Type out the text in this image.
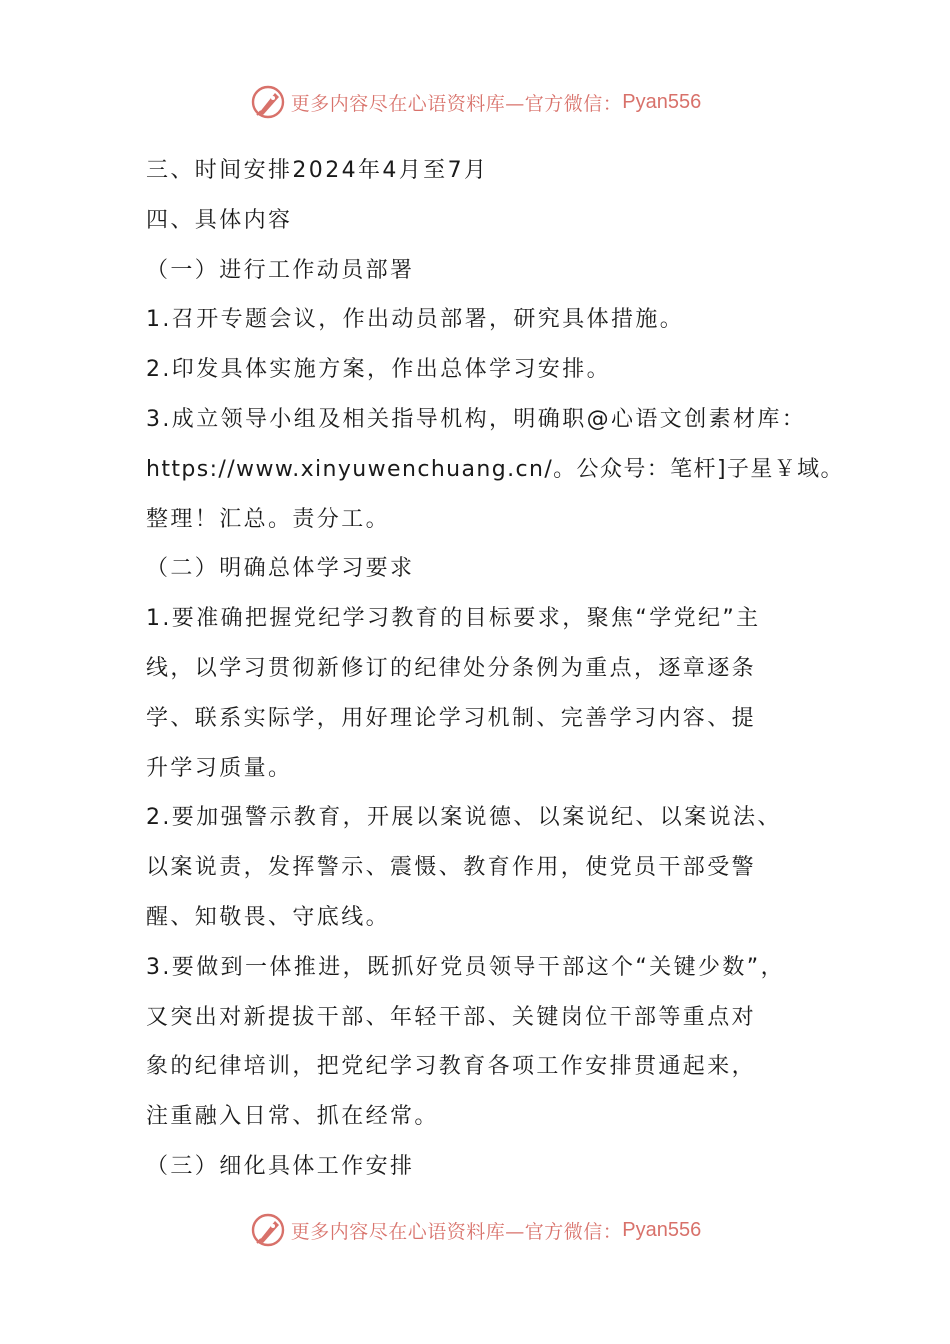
更多内容尽在心语资料库—官方微信： Pyan556
三、时间安排2024年4月至7月
四、具体内容
（一）进行工作动员部署
1.召开专题会议，作出动员部署，研究具体措施。
2.印发具体实施方案，作出总体学习安排。
3.成立领导小组及相关指导机构，明确职@心语文创素材库：
https://www.xinyuwenchuang.cn/。公众号：笔杆]子星￥域。
整理！汇总。责分工。
（二）明确总体学习要求
1.要准确把握党纪学习教育的目标要求，聚焦“学党纪”主
线，以学习贯彻新修订的纪律处分条例为重点，逐章逐条
学、联系实际学，用好理论学习机制、完善学习内容、提
升学习质量。
2.要加强警示教育，开展以案说德、以案说纪、以案说法、
以案说责，发挥警示、震慑、教育作用，使党员干部受警
醒、知敬畏、守底线。
3.要做到一体推进，既抓好党员领导干部这个“关键少数”，
又突出对新提拔干部、年轻干部、关键岗位干部等重点对
象的纪律培训，把党纪学习教育各项工作安排贯通起来，
注重融入日常、抓在经常。
（三）细化具体工作安排
更多内容尽在心语资料库—官方微信： Pyan556
